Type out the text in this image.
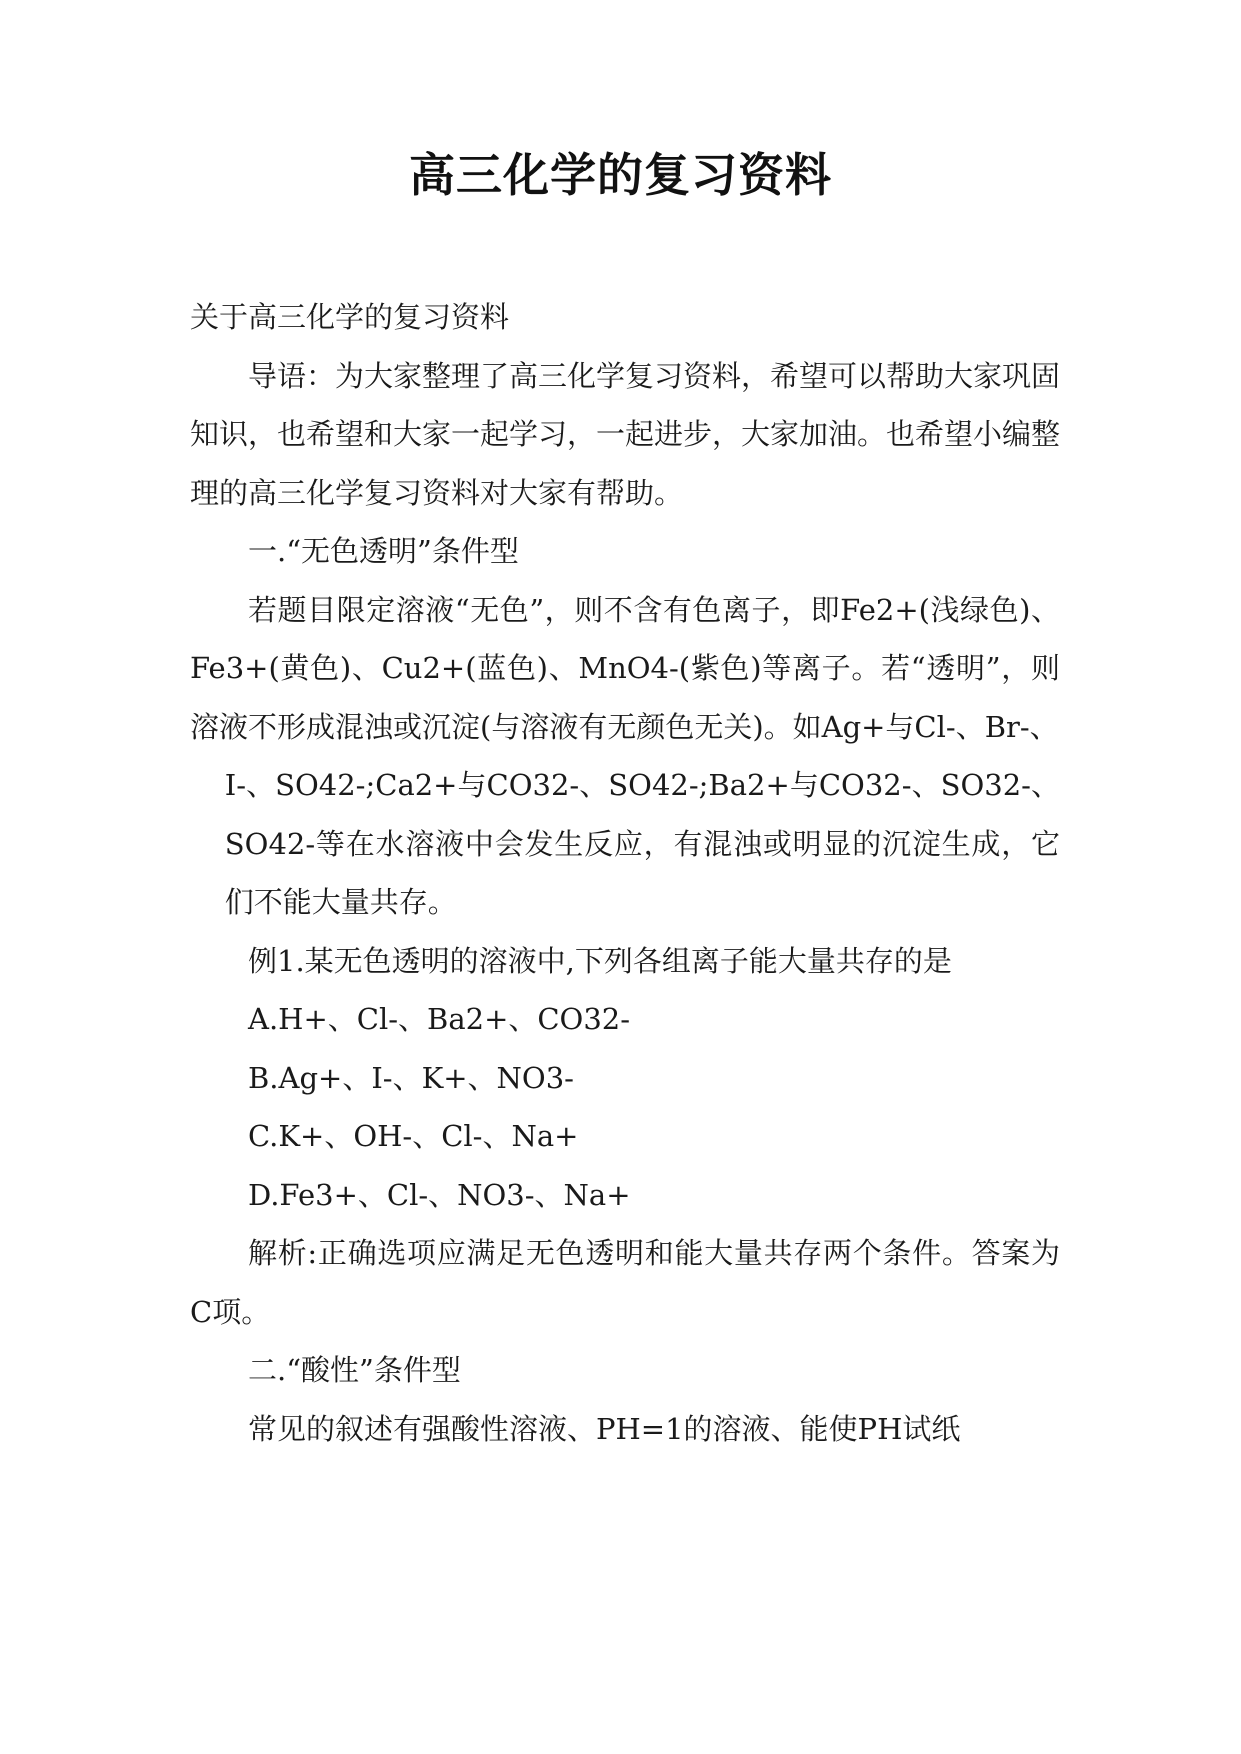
高三化学的复习资料

关于高三化学的复习资料

导语：为大家整理了高三化学复习资料，希望可以帮助大家巩固知识，也希望和大家一起学习，一起进步，大家加油。也希望小编整理的高三化学复习资料对大家有帮助。

一.“无色透明”条件型

若题目限定溶液“无色”，则不含有色离子，即Fe2+(浅绿色)、Fe3+(黄色)、Cu2+(蓝色)、MnO4-(紫色)等离子。若“透明”，则溶液不形成混浊或沉淀(与溶液有无颜色无关)。如Ag+与Cl-、Br-、

I-、SO42-;Ca2+与CO32-、SO42-;Ba2+与CO32-、SO32-、SO42-等在水溶液中会发生反应，有混浊或明显的沉淀生成，它们不能大量共存。

例1.某无色透明的溶液中,下列各组离子能大量共存的是

A.H+、Cl-、Ba2+、CO32-

B.Ag+、I-、K+、NO3-

C.K+、OH-、Cl-、Na+

D.Fe3+、Cl-、NO3-、Na+

解析:正确选项应满足无色透明和能大量共存两个条件。答案为C项。

二.“酸性”条件型

常见的叙述有强酸性溶液、PH=1的溶液、能使PH试纸
